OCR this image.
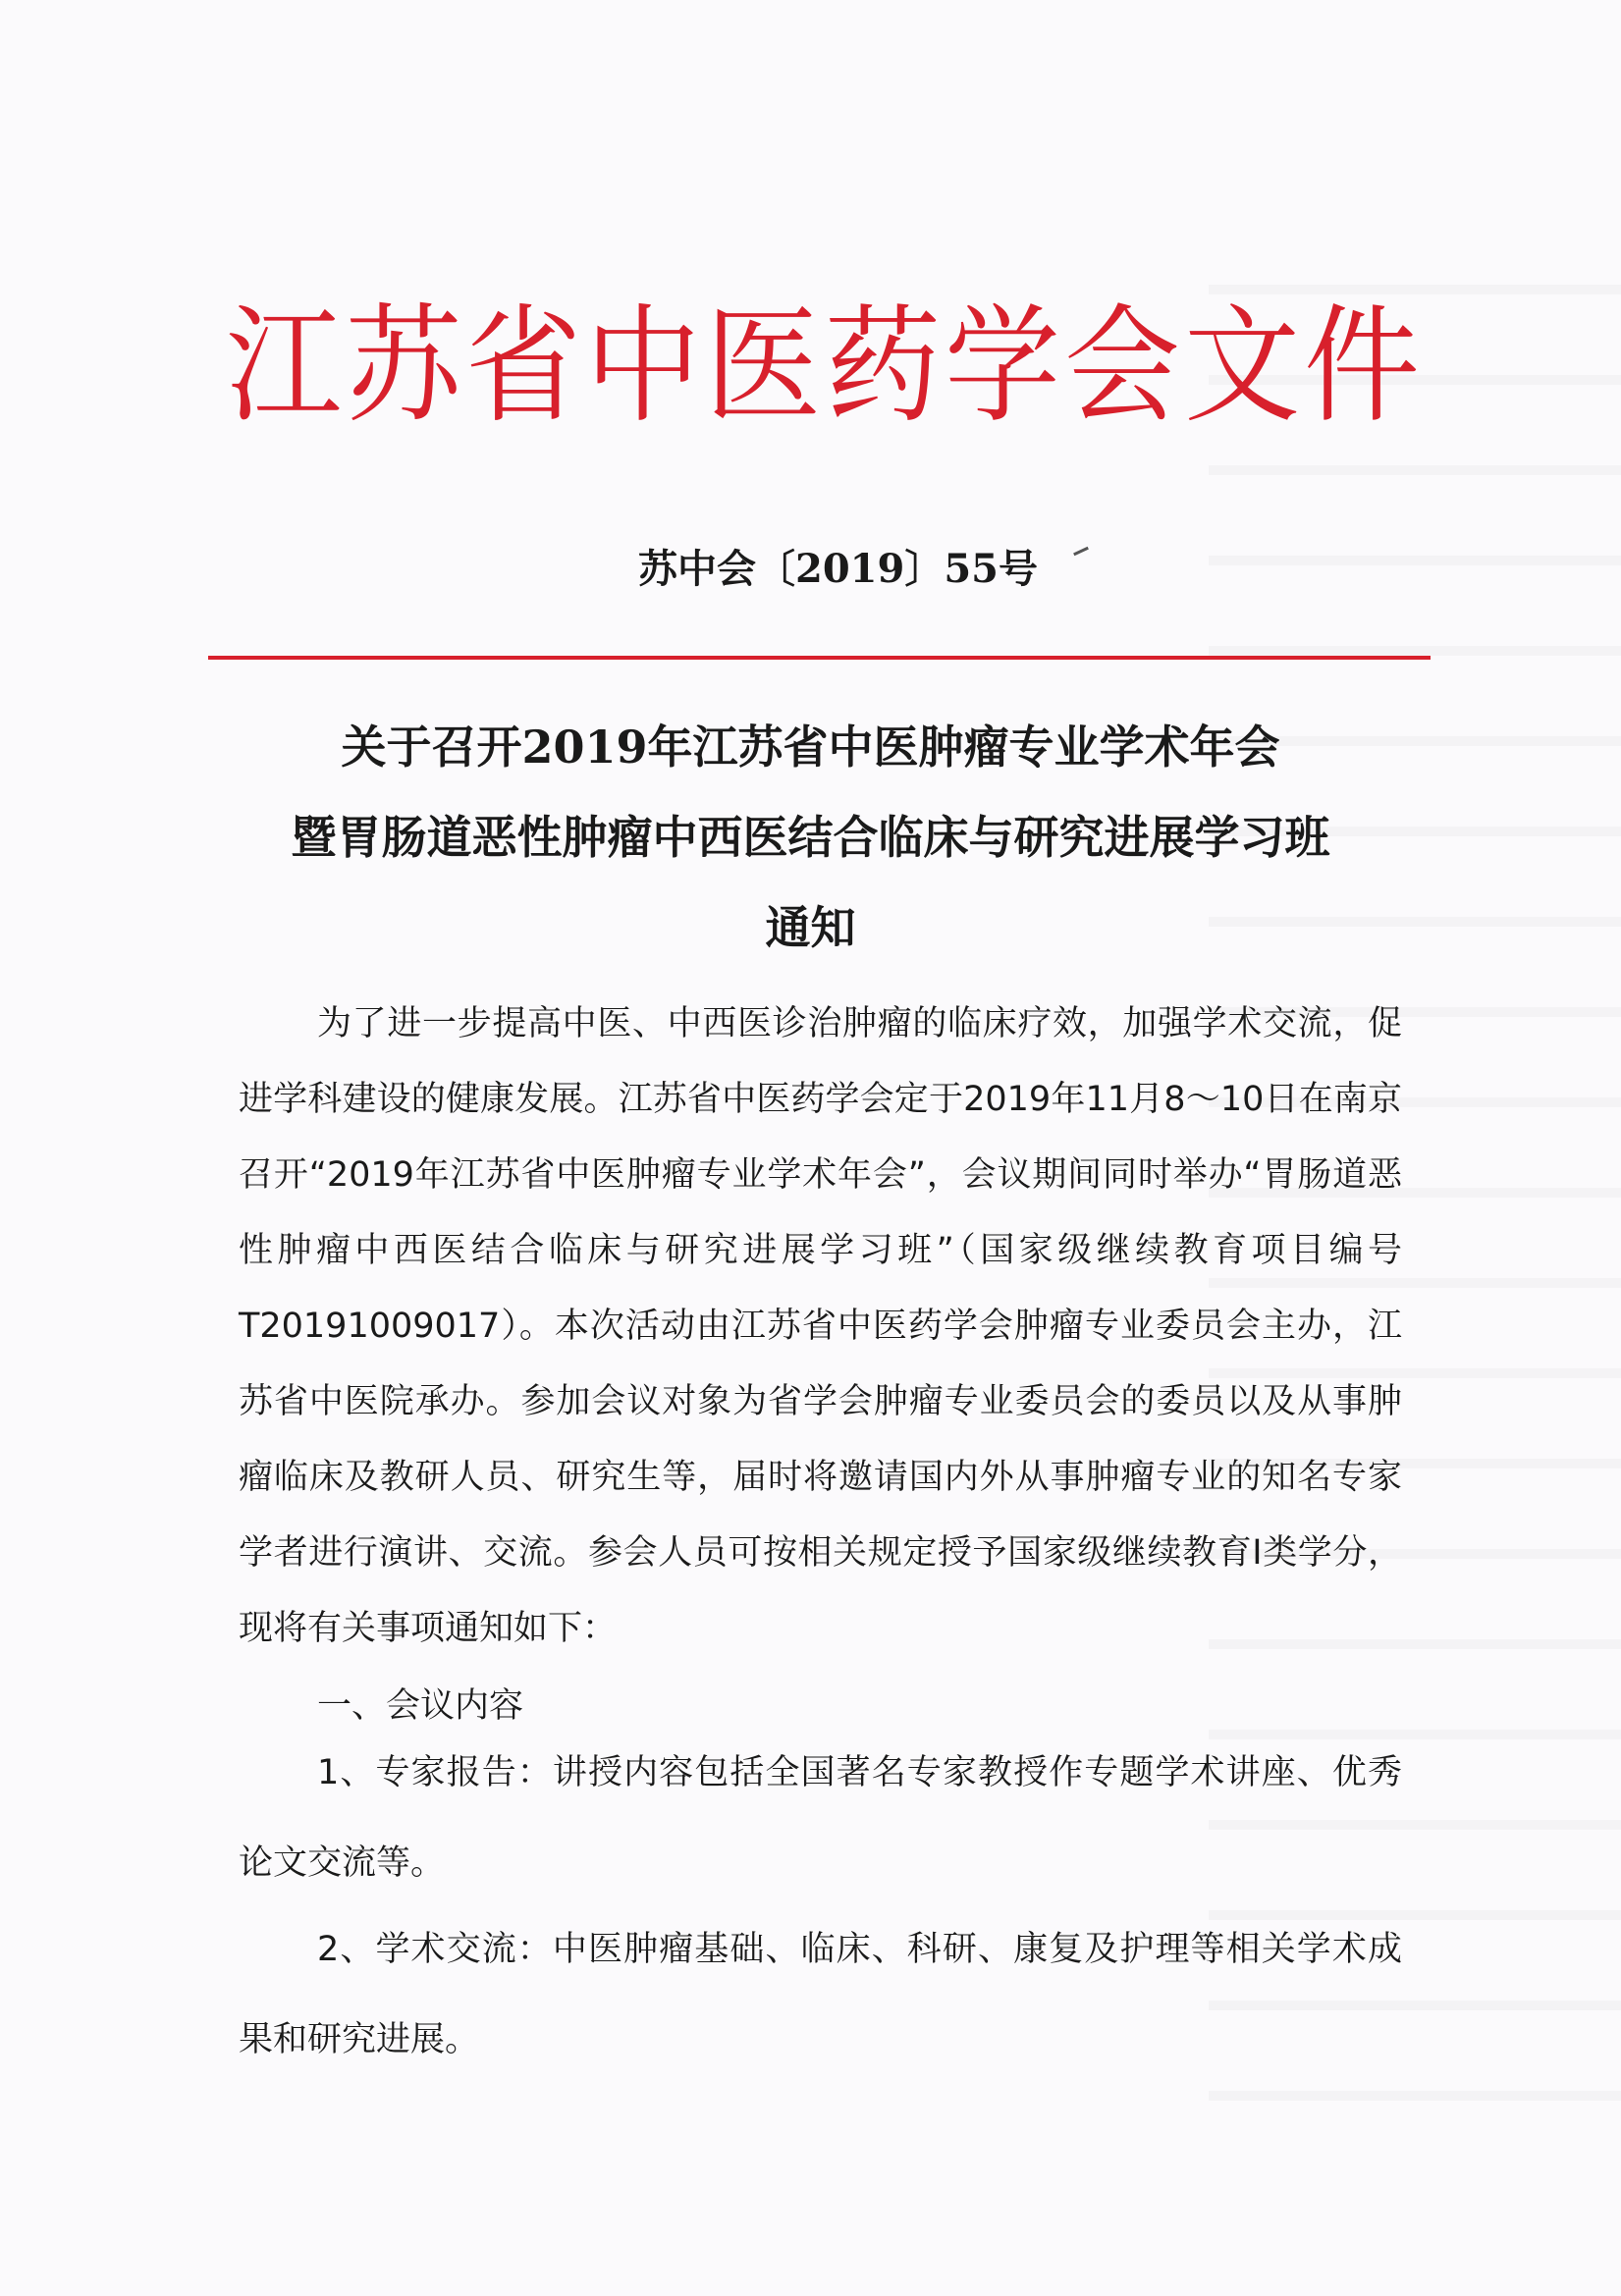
江苏省中医药学会文件
苏中会〔2019〕55号
关于召开2019年江苏省中医肿瘤专业学术年会
暨胃肠道恶性肿瘤中西医结合临床与研究进展学习班
通知

为了进一步提高中医、中西医诊治肿瘤的临床疗效，加强学术交流，促进学科建设的健康发展。江苏省中医药学会定于2019年11月8～10日在南京召开“2019年江苏省中医肿瘤专业学术年会”，会议期间同时举办“胃肠道恶性肿瘤中西医结合临床与研究进展学习班”（国家级继续教育项目编号T20191009017）。本次活动由江苏省中医药学会肿瘤专业委员会主办，江苏省中医院承办。参加会议对象为省学会肿瘤专业委员会的委员以及从事肿瘤临床及教研人员、研究生等，届时将邀请国内外从事肿瘤专业的知名专家学者进行演讲、交流。参会人员可按相关规定授予国家级继续教育Ⅰ类学分，现将有关事项通知如下：

一、会议内容

1、专家报告：讲授内容包括全国著名专家教授作专题学术讲座、优秀论文交流等。

2、学术交流：中医肿瘤基础、临床、科研、康复及护理等相关学术成果和研究进展。
